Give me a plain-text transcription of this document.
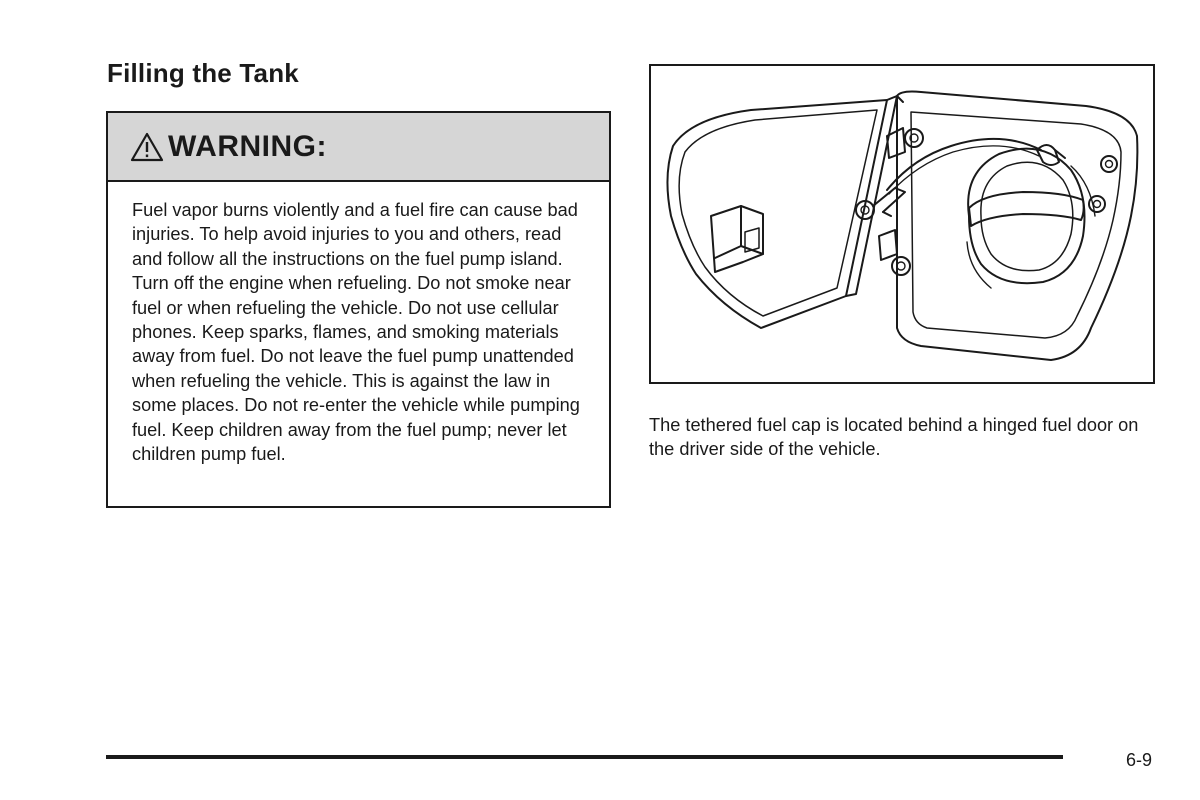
Filling the Tank
WARNING:

Fuel vapor burns violently and a fuel fire can cause bad injuries. To help avoid injuries to you and others, read and follow all the instructions on the fuel pump island. Turn off the engine when refueling. Do not smoke near fuel or when refueling the vehicle. Do not use cellular phones. Keep sparks, flames, and smoking materials away from fuel. Do not leave the fuel pump unattended when refueling the vehicle. This is against the law in some places. Do not re-enter the vehicle while pumping fuel. Keep children away from the fuel pump; never let children pump fuel.

The tethered fuel cap is located behind a hinged fuel door on the driver side of the vehicle.

6-9
